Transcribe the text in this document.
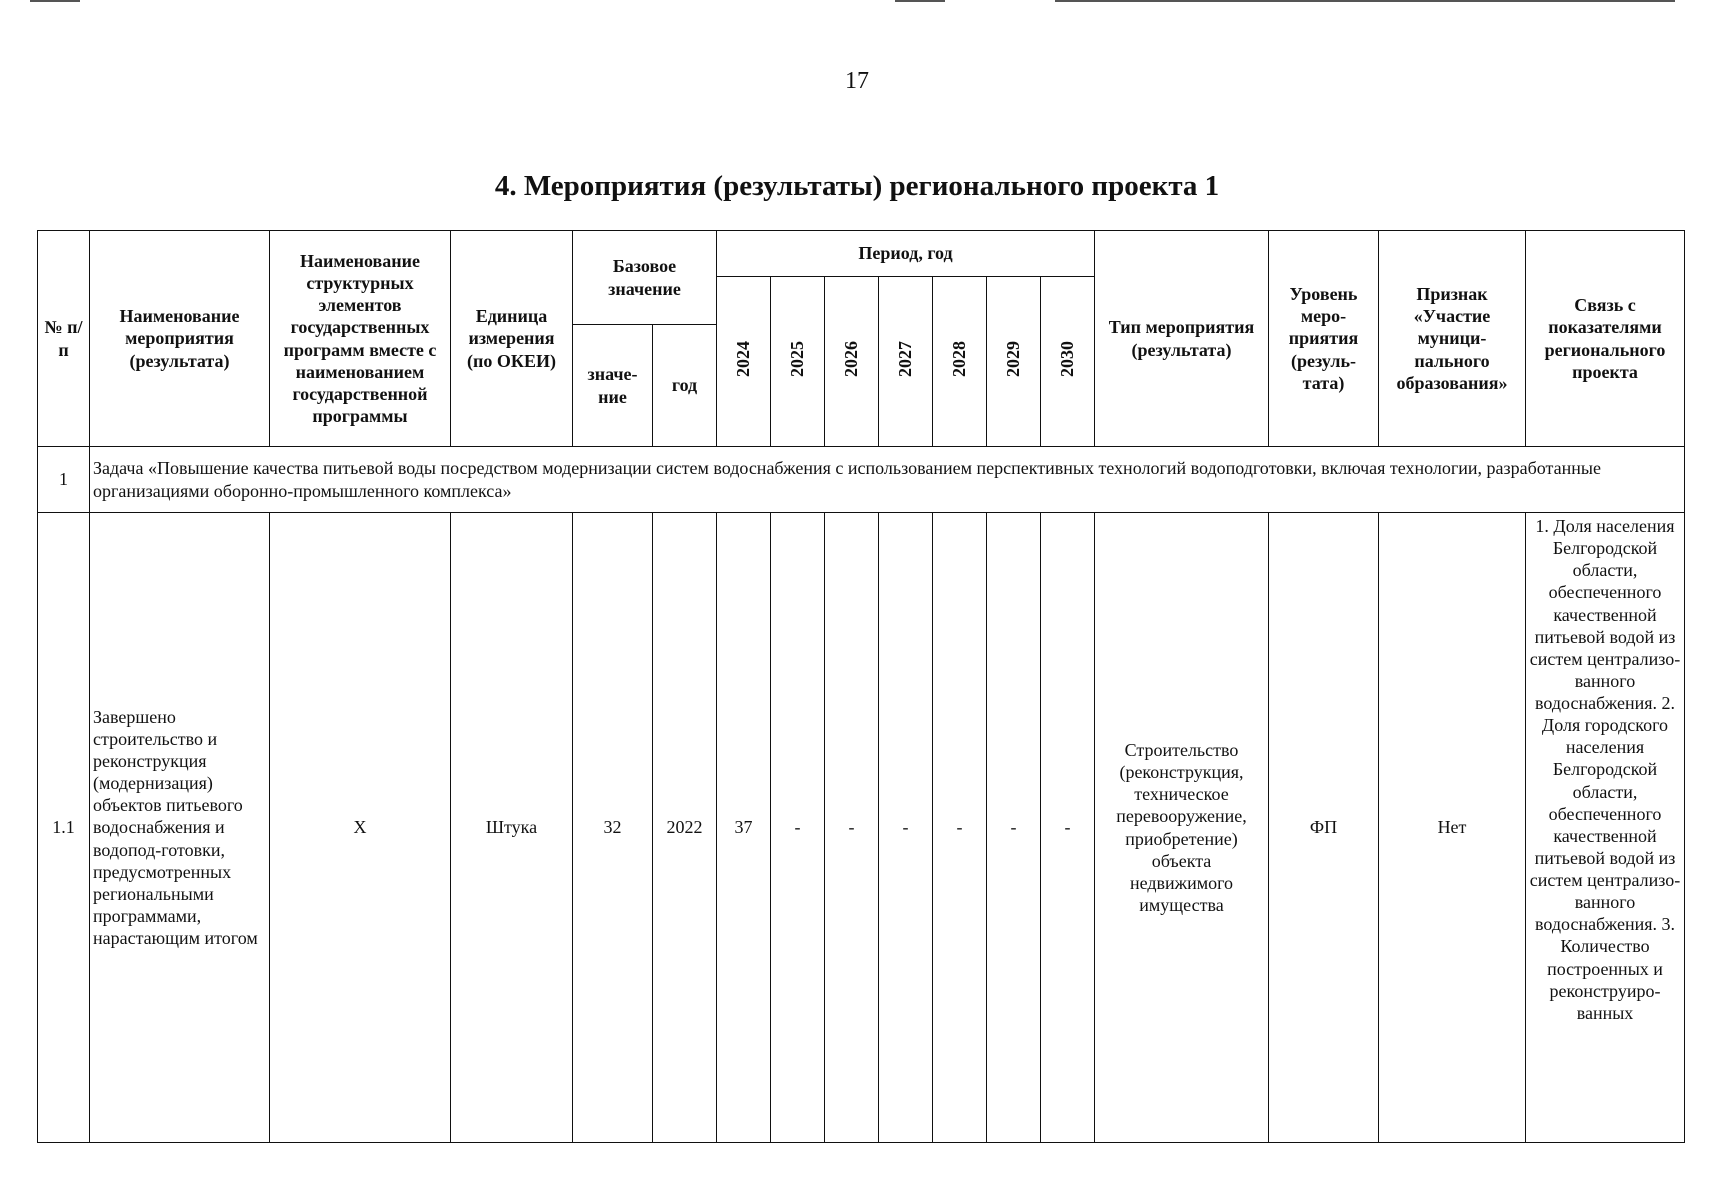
17
4. Мероприятия (результаты) регионального проекта 1
№ п/п	Наименование мероприятия (результата)	Наименование структурных элементов государственных программ вместе с наименованием государственной программы	Единица измерения (по ОКЕИ)	Базовое значение		Период, год							Тип мероприятия (результата)	Уровень меро-приятия (резуль-тата)	Признак «Участие муници-пального образования»	Связь с показателями регионального проекта
						2024	2025	2026	2027	2028	2029	2030				
				значе-ние	год											
1	Задача «Повышение качества питьевой воды посредством модернизации систем водоснабжения с использованием перспективных технологий водоподготовки, включая технологии, разработанные организациями оборонно-промышленного комплекса»															
1.1	Завершено строительство и реконструкция (модернизация) объектов питьевого водоснабжения и водопод-готовки, предусмотренных региональными программами, нарастающим итогом	Х	Штука	32	2022	37	-	-	-	-	-	-	Строительство (реконструкция, техническое перевооружение, приобретение) объекта недвижимого имущества	ФП	Нет	1. Доля населения Белгородской области, обеспеченного качественной питьевой водой из систем централизо-ванного водоснабжения. 2. Доля городского населения Белгородской области, обеспеченного качественной питьевой водой из систем централизо-ванного водоснабжения. 3. Количество построенных и реконструиро-ванных
